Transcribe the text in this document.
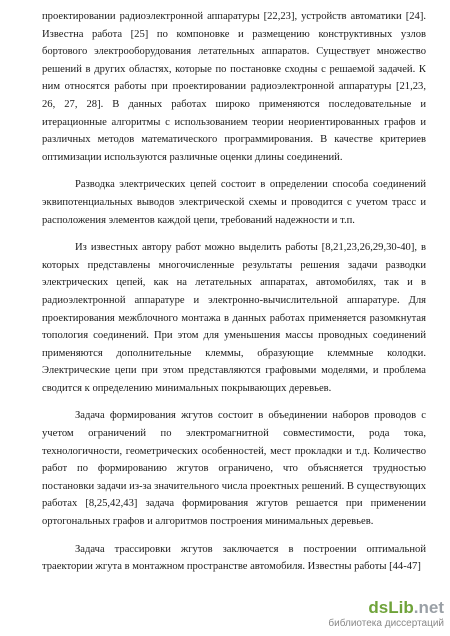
проектировании радиоэлектронной аппаратуры [22,23], устройств автоматики [24]. Известна работа [25] по компоновке и размещению конструктивных узлов бортового электрооборудования летательных аппаратов. Существует множество решений в других областях, которые по постановке сходны с решаемой задачей. К ним относятся работы при проектировании радиоэлектронной аппаратуры [21,23, 26, 27, 28]. В данных работах широко применяются последовательные и итерационные алгоритмы с использованием теории неориентированных графов и различных методов математического программирования. В качестве критериев оптимизации используются различные оценки длины соединений.

Разводка электрических цепей состоит в определении способа соединений эквипотенциальных выводов электрической схемы и проводится с учетом трасс и расположения элементов каждой цепи, требований надежности и т.п.

Из известных автору работ можно выделить работы [8,21,23,26,29,30-40], в которых представлены многочисленные результаты решения задачи разводки электрических цепей, как на летательных аппаратах, автомобилях, так и в радиоэлектронной аппаратуре и электронно-вычислительной аппаратуре. Для проектирования межблочного монтажа в данных работах применяется разомкнутая топология соединений. При этом для уменьшения массы проводных соединений применяются дополнительные клеммы, образующие клеммные колодки. Электрические цепи при этом представляются графовыми моделями, и проблема сводится к определению минимальных покрывающих деревьев.

Задача формирования жгутов состоит в объединении наборов проводов с учетом ограничений по электромагнитной совместимости, рода тока, технологичности, геометрических особенностей, мест прокладки и т.д. Количество работ по формированию жгутов ограничено, что объясняется трудностью постановки задачи из-за значительного числа проектных решений. В существующих работах [8,25,42,43] задача формирования жгутов решается при применении ортогональных графов и алгоритмов построения минимальных деревьев.

Задача трассировки жгутов заключается в построении оптимальной траектории жгута в монтажном пространстве автомобиля. Известны работы [44-47]

dsLib.net
библиотека диссертаций
